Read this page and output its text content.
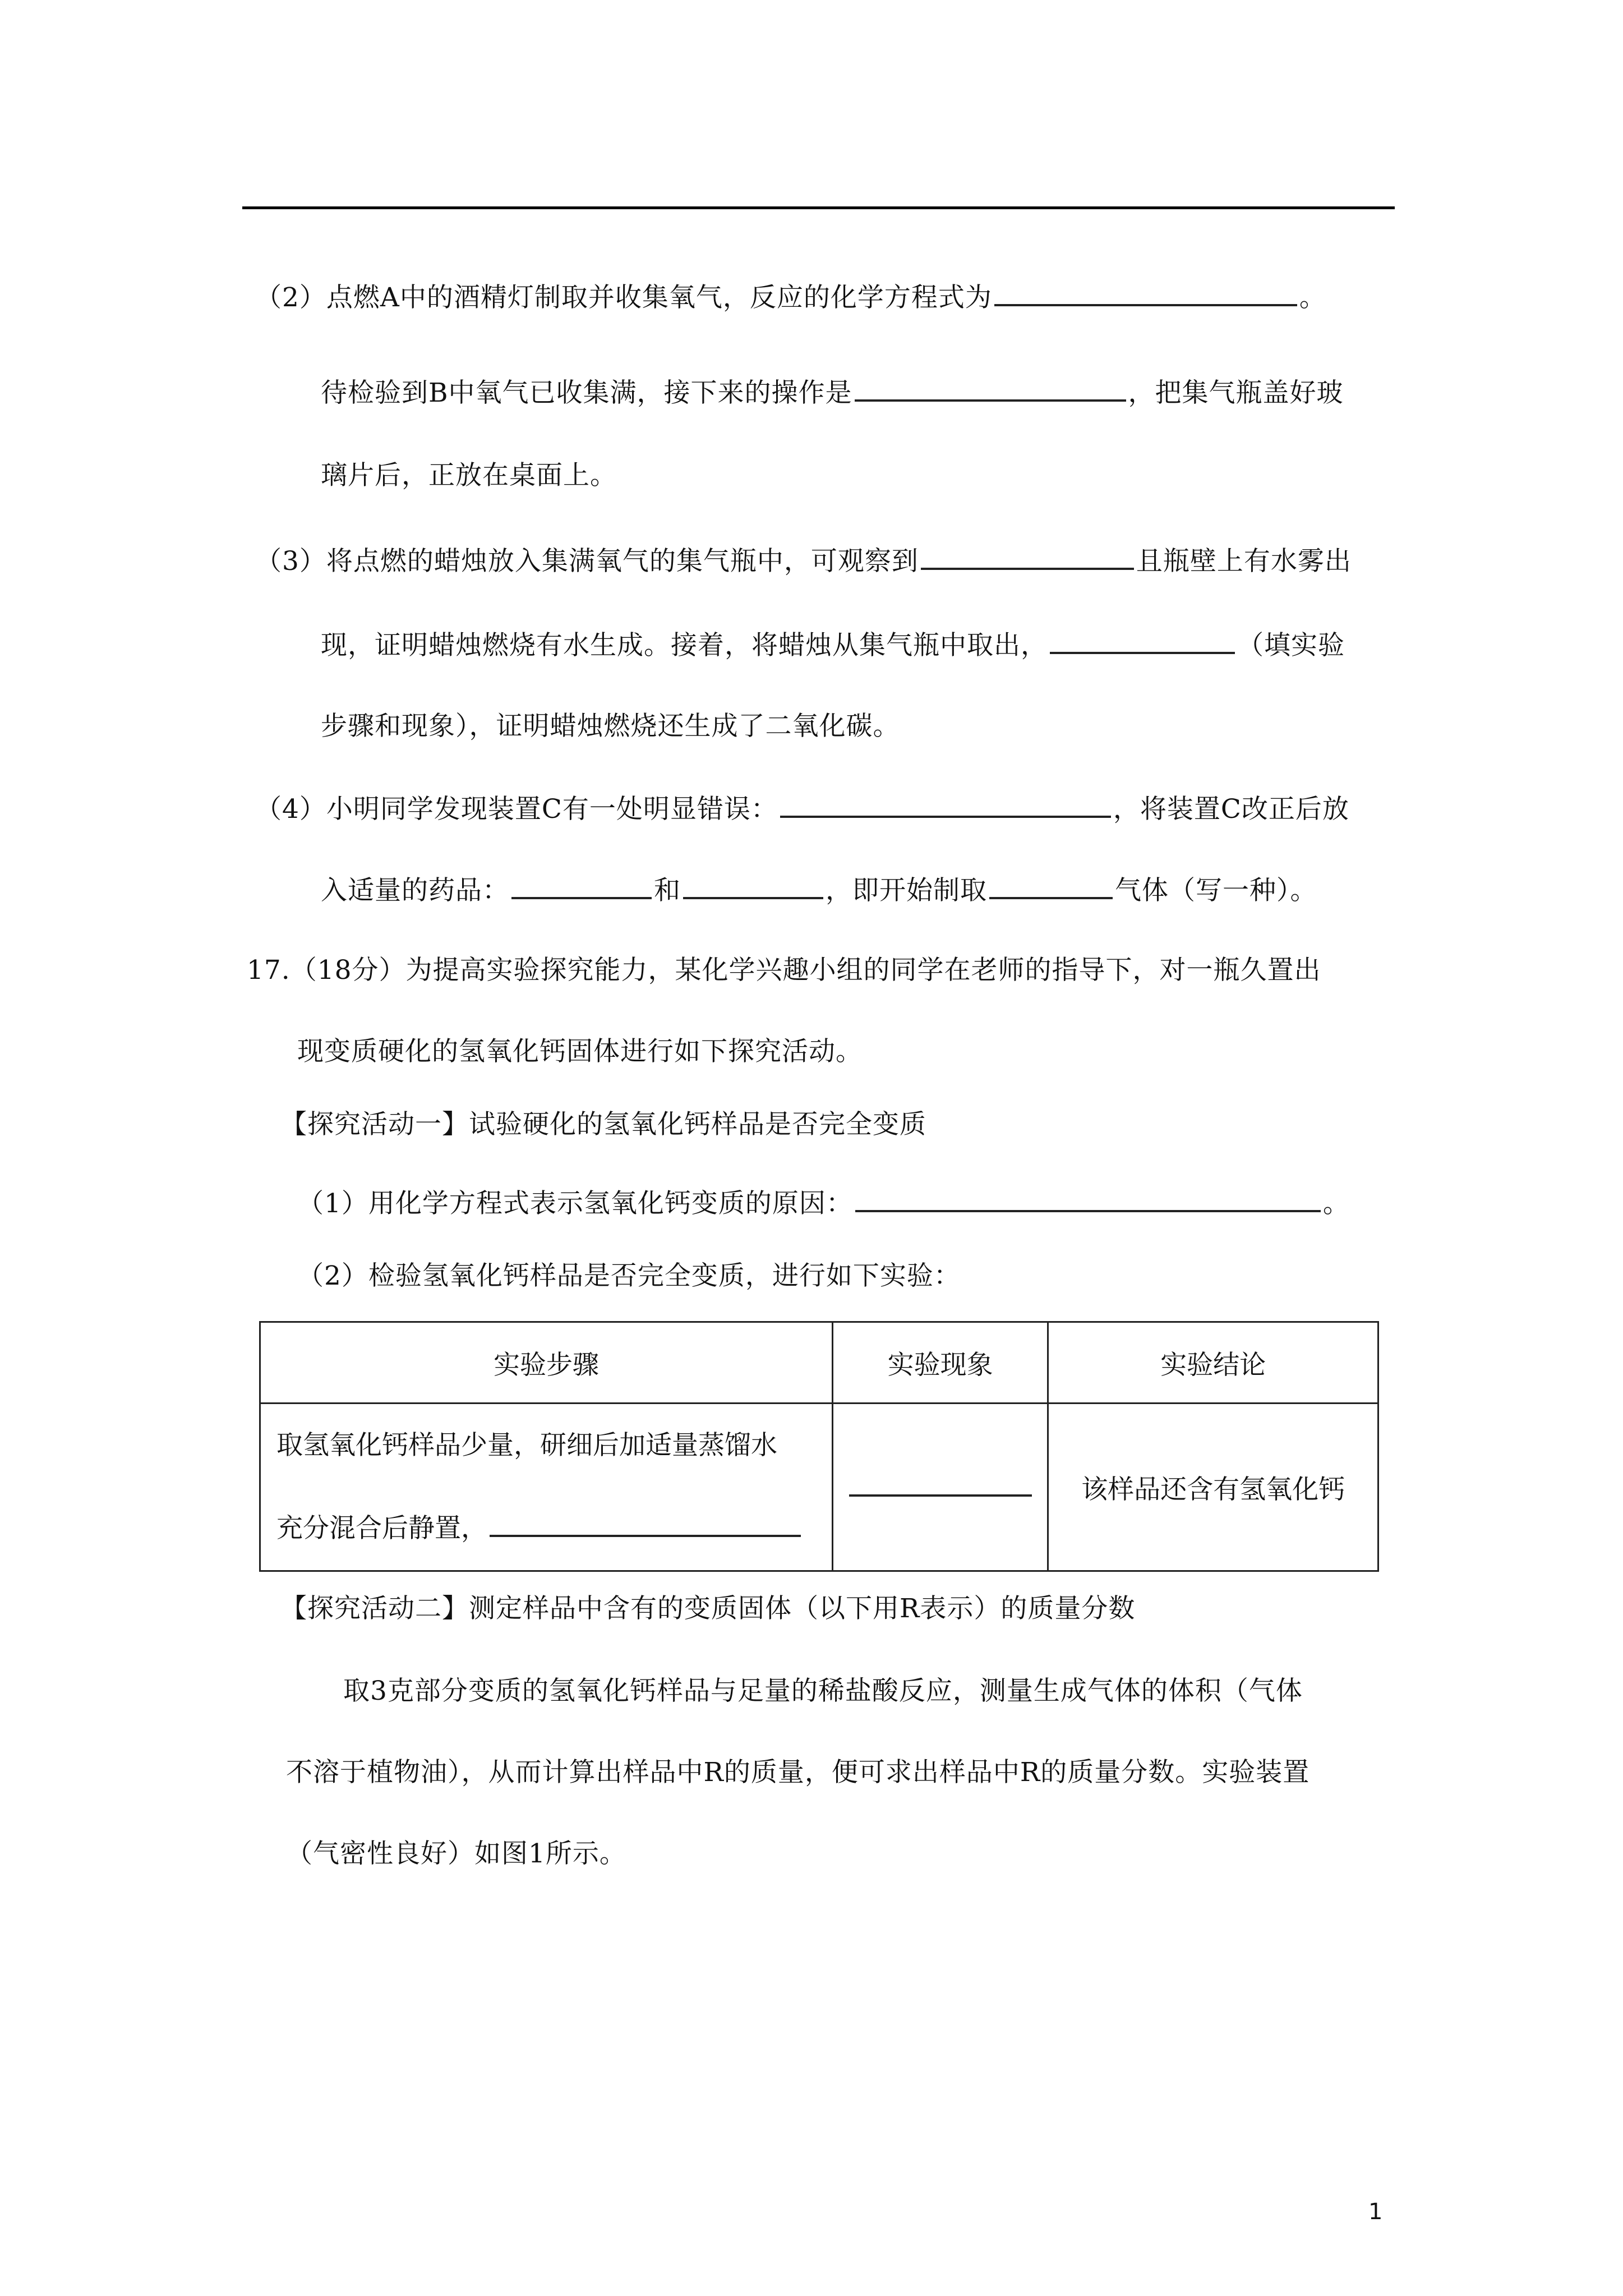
（2）点燃A中的酒精灯制取并收集氧气，反应的化学方程式为	。
待检验到B中氧气已收集满，接下来的操作是	，把集气瓶盖好玻
璃片后，正放在桌面上。
（3）将点燃的蜡烛放入集满氧气的集气瓶中，可观察到	且瓶壁上有水雾出
现，证明蜡烛燃烧有水生成。接着，将蜡烛从集气瓶中取出，	（填实验
步骤和现象），证明蜡烛燃烧还生成了二氧化碳。
（4）小明同学发现装置C有一处明显错误：	，将装置C改正后放
入适量的药品：	和	，即开始制取	气体（写一种）。
17.（18分）为提高实验探究能力，某化学兴趣小组的同学在老师的指导下，对一瓶久置出
现变质硬化的氢氧化钙固体进行如下探究活动。
【探究活动一】试验硬化的氢氧化钙样品是否完全变质
（1）用化学方程式表示氢氧化钙变质的原因：	。
（2）检验氢氧化钙样品是否完全变质，进行如下实验：
实验步骤	实验现象	实验结论

取氢氧化钙样品少量，研细后加适量蒸馏水
充分混合后静置，		该样品还含有氢氧化钙
【探究活动二】测定样品中含有的变质固体（以下用R表示）的质量分数
取3克部分变质的氢氧化钙样品与足量的稀盐酸反应，测量生成气体的体积（气体
不溶于植物油），从而计算出样品中R的质量，便可求出样品中R的质量分数。实验装置
（气密性良好）如图1所示。
1
